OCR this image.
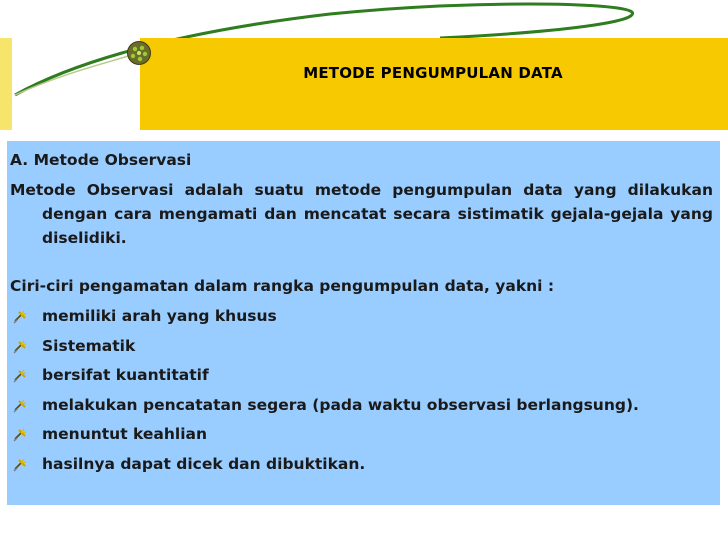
METODE PENGUMPULAN DATA

A. Metode Observasi

Metode Observasi adalah suatu metode pengumpulan data yang dilakukan dengan cara mengamati dan mencatat secara sistimatik gejala-gejala yang diselidiki.

Ciri-ciri pengamatan dalam rangka pengumpulan data, yakni :

memiliki arah yang khusus
Sistematik
bersifat kuantitatif
melakukan pencatatan segera (pada waktu observasi berlangsung).
menuntut keahlian
hasilnya dapat dicek dan dibuktikan.
